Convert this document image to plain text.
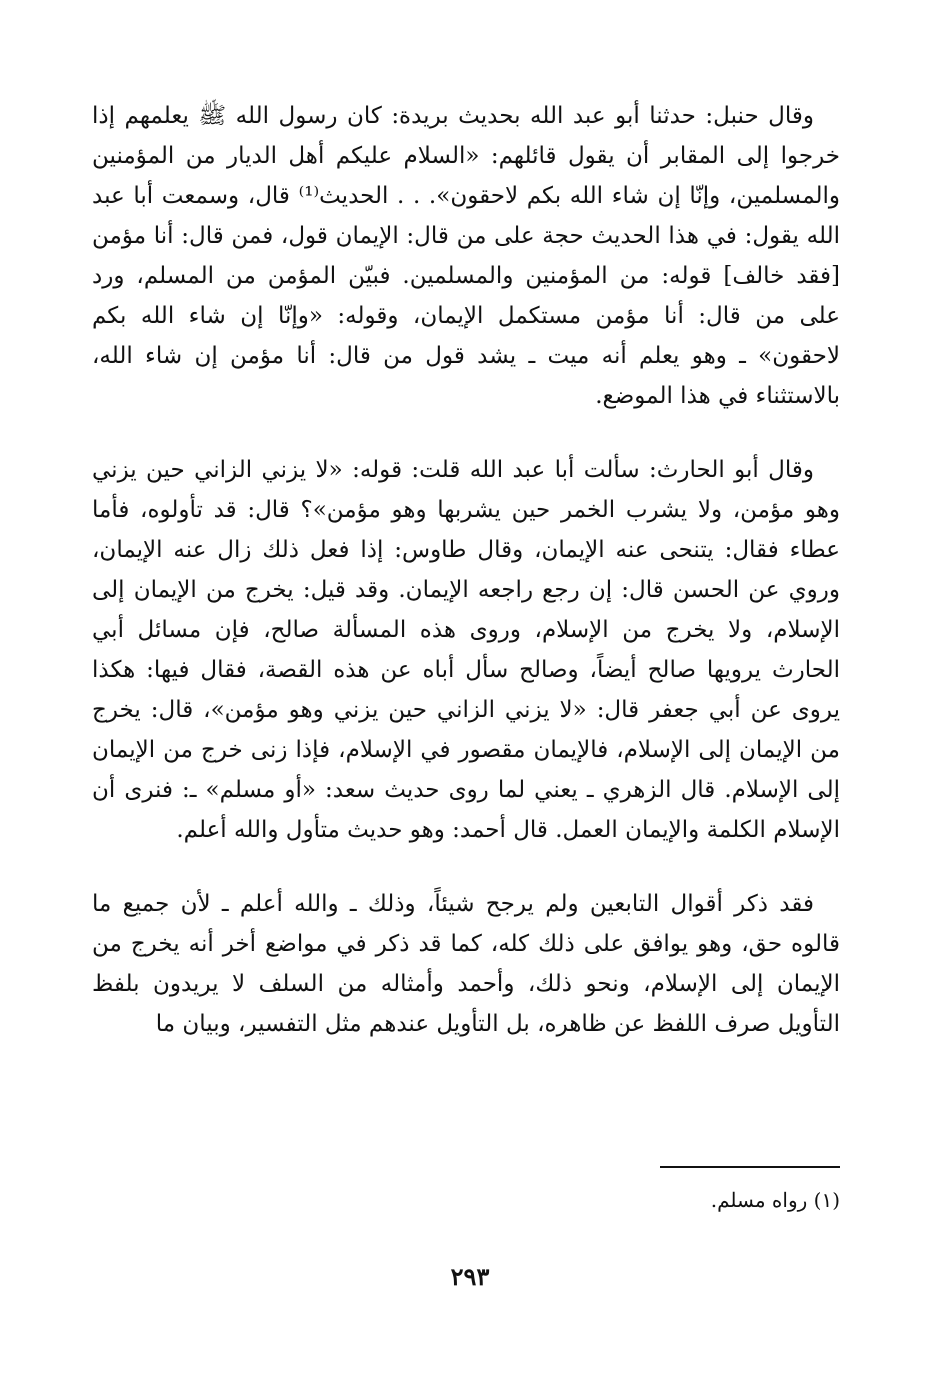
وقال حنبل: حدثنا أبو عبد الله بحديث بريدة: كان رسول الله ﷺ يعلمهم إذا خرجوا إلى المقابر أن يقول قائلهم: «السلام عليكم أهل الديار من المؤمنين والمسلمين، وإنّا إن شاء الله بكم لاحقون». . . الحديث⁽¹⁾ قال، وسمعت أبا عبد الله يقول: في هذا الحديث حجة على من قال: الإيمان قول، فمن قال: أنا مؤمن [فقد خالف] قوله: من المؤمنين والمسلمين. فبيّن المؤمن من المسلم، ورد على من قال: أنا مؤمن مستكمل الإيمان، وقوله: «وإنّا إن شاء الله بكم لاحقون» ـ وهو يعلم أنه ميت ـ يشد قول من قال: أنا مؤمن إن شاء الله، بالاستثناء في هذا الموضع.

وقال أبو الحارث: سألت أبا عبد الله قلت: قوله: «لا يزني الزاني حين يزني وهو مؤمن، ولا يشرب الخمر حين يشربها وهو مؤمن»؟ قال: قد تأولوه، فأما عطاء فقال: يتنحى عنه الإيمان، وقال طاوس: إذا فعل ذلك زال عنه الإيمان، وروي عن الحسن قال: إن رجع راجعه الإيمان. وقد قيل: يخرج من الإيمان إلى الإسلام، ولا يخرج من الإسلام، وروى هذه المسألة صالح، فإن مسائل أبي الحارث يرويها صالح أيضاً، وصالح سأل أباه عن هذه القصة، فقال فيها: هكذا يروى عن أبي جعفر قال: «لا يزني الزاني حين يزني وهو مؤمن»، قال: يخرج من الإيمان إلى الإسلام، فالإيمان مقصور في الإسلام، فإذا زنى خرج من الإيمان إلى الإسلام. قال الزهري ـ يعني لما روى حديث سعد: «أو مسلم» ـ: فنرى أن الإسلام الكلمة والإيمان العمل. قال أحمد: وهو حديث متأول والله أعلم.

فقد ذكر أقوال التابعين ولم يرجح شيئاً، وذلك ـ والله أعلم ـ لأن جميع ما قالوه حق، وهو يوافق على ذلك كله، كما قد ذكر في مواضع أخر أنه يخرج من الإيمان إلى الإسلام، ونحو ذلك، وأحمد وأمثاله من السلف لا يريدون بلفظ التأويل صرف اللفظ عن ظاهره، بل التأويل عندهم مثل التفسير، وبيان ما

(١) رواه مسلم.
٢٩٣
